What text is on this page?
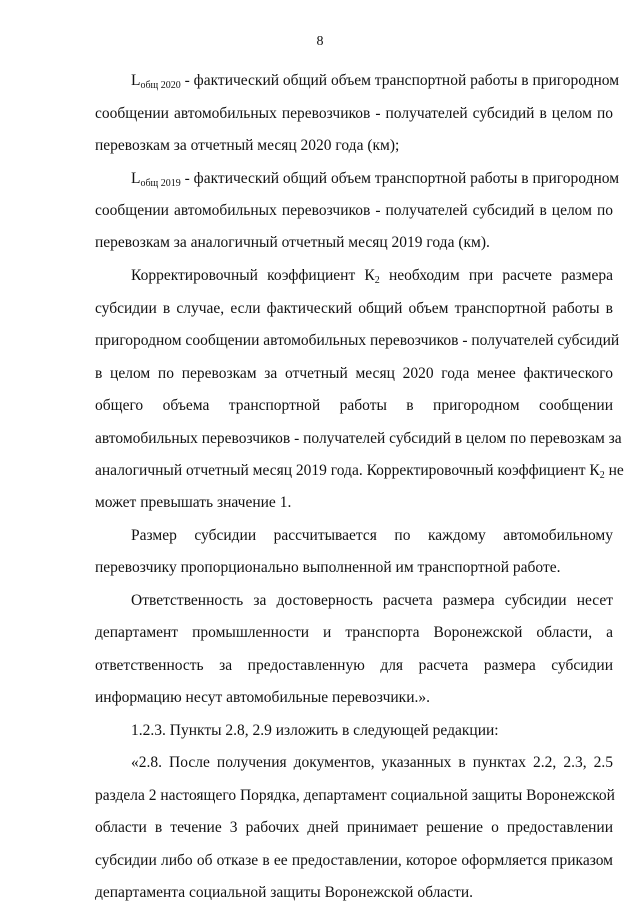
8
$L_{общ 2020}$ - фактический общий объем транспортной работы в пригородном
сообщении автомобильных перевозчиков - получателей субсидий в целом по
перевозкам за отчетный месяц 2020 года (км);
$L_{общ 2019}$ - фактический общий объем транспортной работы в пригородном
сообщении автомобильных перевозчиков - получателей субсидий в целом по
перевозкам за аналогичный отчетный месяц 2019 года (км).
Корректировочный коэффициент $К_2$ необходим при расчете размера
субсидии в случае, если фактический общий объем транспортной работы в
пригородном сообщении автомобильных перевозчиков - получателей субсидий
в целом по перевозкам за отчетный месяц 2020 года менее фактического
общего объема транспортной работы в пригородном сообщении
автомобильных перевозчиков - получателей субсидий в целом по перевозкам за
аналогичный отчетный месяц 2019 года. Корректировочный коэффициент $К_2$ не
может превышать значение 1.
Размер субсидии рассчитывается по каждому автомобильному
перевозчику пропорционально выполненной им транспортной работе.
Ответственность за достоверность расчета размера субсидии несет
департамент промышленности и транспорта Воронежской области, а
ответственность за предоставленную для расчета размера субсидии
информацию несут автомобильные перевозчики.».
1.2.3. Пункты 2.8, 2.9 изложить в следующей редакции:
«2.8. После получения документов, указанных в пунктах 2.2, 2.3, 2.5
раздела 2 настоящего Порядка, департамент социальной защиты Воронежской
области в течение 3 рабочих дней принимает решение о предоставлении
субсидии либо об отказе в ее предоставлении, которое оформляется приказом
департамента социальной защиты Воронежской области.
